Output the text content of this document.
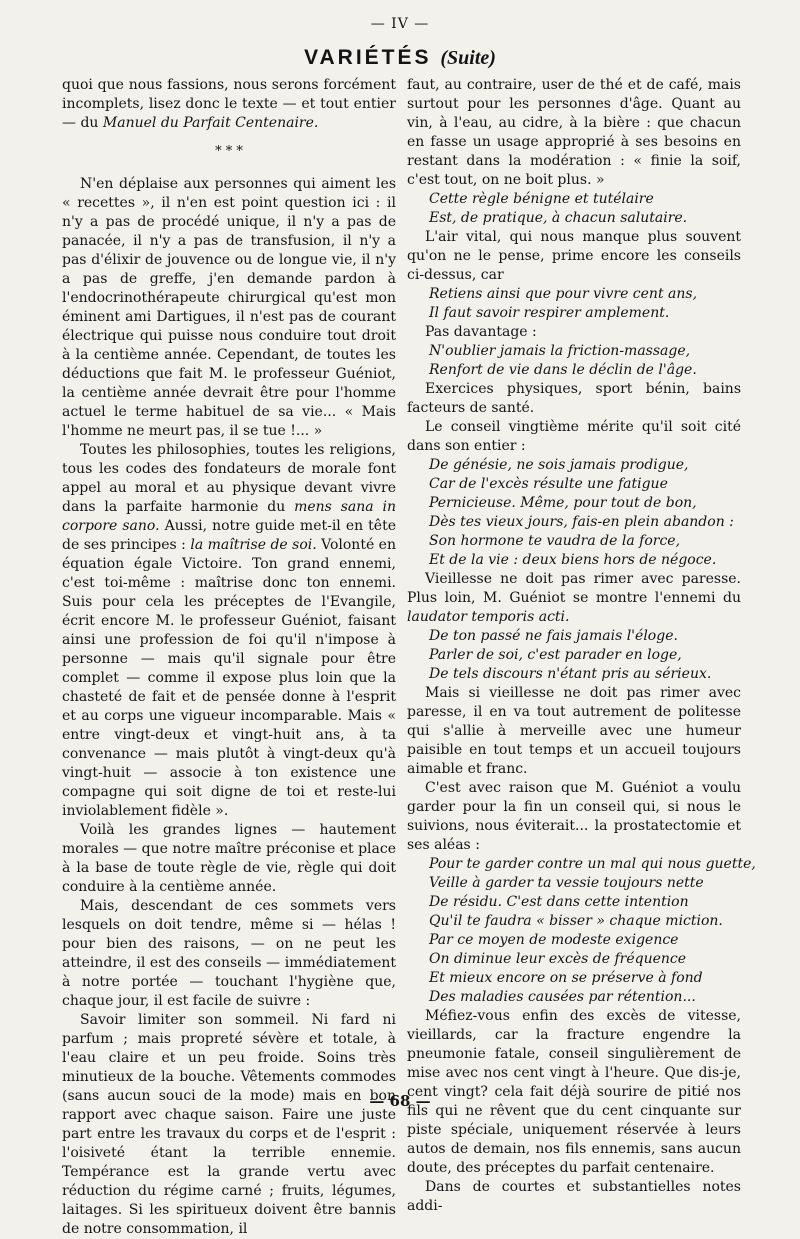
— IV —
VARIÉTÉS (Suite)

quoi que nous fassions, nous serons forcément incomplets, lisez donc le texte — et tout entier — du Manuel du Parfait Centenaire.

* * *

N'en déplaise aux personnes qui aiment les « recettes », il n'en est point question ici : il n'y a pas de procédé unique, il n'y a pas de panacée, il n'y a pas de transfusion, il n'y a pas d'élixir de jouvence ou de longue vie, il n'y a pas de greffe, j'en demande pardon à l'endocrinothérapeute chirurgical qu'est mon éminent ami Dartigues, il n'est pas de courant électrique qui puisse nous conduire tout droit à la centième année. Cependant, de toutes les déductions que fait M. le professeur Guéniot, la centième année devrait être pour l'homme actuel le terme habituel de sa vie... « Mais l'homme ne meurt pas, il se tue !... »

Toutes les philosophies, toutes les religions, tous les codes des fondateurs de morale font appel au moral et au physique devant vivre dans la parfaite harmonie du mens sana in corpore sano. Aussi, notre guide met-il en tête de ses principes : la maîtrise de soi. Volonté en équation égale Victoire. Ton grand ennemi, c'est toi-même : maîtrise donc ton ennemi. Suis pour cela les préceptes de l'Evangile, écrit encore M. le professeur Guéniot, faisant ainsi une profession de foi qu'il n'impose à personne — mais qu'il signale pour être complet — comme il expose plus loin que la chasteté de fait et de pensée donne à l'esprit et au corps une vigueur incomparable. Mais « entre vingt-deux et vingt-huit ans, à ta convenance — mais plutôt à vingt-deux qu'à vingt-huit — associe à ton existence une compagne qui soit digne de toi et reste-lui inviolablement fidèle ».

Voilà les grandes lignes — hautement morales — que notre maître préconise et place à la base de toute règle de vie, règle qui doit conduire à la centième année.

Mais, descendant de ces sommets vers lesquels on doit tendre, même si — hélas ! pour bien des raisons, — on ne peut les atteindre, il est des conseils — immédiatement à notre portée — touchant l'hygiène que, chaque jour, il est facile de suivre :

Savoir limiter son sommeil. Ni fard ni parfum ; mais propreté sévère et totale, à l'eau claire et un peu froide. Soins très minutieux de la bouche. Vêtements commodes (sans aucun souci de la mode) mais en bon rapport avec chaque saison. Faire une juste part entre les travaux du corps et de l'esprit : l'oisiveté étant la terrible ennemie. Tempérance est la grande vertu avec réduction du régime carné ; fruits, légumes, laitages. Si les spiritueux doivent être bannis de notre consommation, il

faut, au contraire, user de thé et de café, mais surtout pour les personnes d'âge. Quant au vin, à l'eau, au cidre, à la bière : que chacun en fasse un usage approprié à ses besoins en restant dans la modération : « finie la soif, c'est tout, on ne boit plus. »

Cette règle bénigne et tutélaire
Est, de pratique, à chacun salutaire.

L'air vital, qui nous manque plus souvent qu'on ne le pense, prime encore les conseils ci-dessus, car

Retiens ainsi que pour vivre cent ans,
Il faut savoir respirer amplement.

Pas davantage :

N'oublier jamais la friction-massage,
Renfort de vie dans le déclin de l'âge.

Exercices physiques, sport bénin, bains facteurs de santé.

Le conseil vingtième mérite qu'il soit cité dans son entier :

De génésie, ne sois jamais prodigue,
Car de l'excès résulte une fatigue
Pernicieuse. Même, pour tout de bon,
Dès tes vieux jours, fais-en plein abandon :
Son hormone te vaudra de la force,
Et de la vie : deux biens hors de négoce.

Vieillesse ne doit pas rimer avec paresse. Plus loin, M. Guéniot se montre l'ennemi du laudator temporis acti.

De ton passé ne fais jamais l'éloge.
Parler de soi, c'est parader en loge,
De tels discours n'étant pris au sérieux.

Mais si vieillesse ne doit pas rimer avec paresse, il en va tout autrement de politesse qui s'allie à merveille avec une humeur paisible en tout temps et un accueil toujours aimable et franc.

C'est avec raison que M. Guéniot a voulu garder pour la fin un conseil qui, si nous le suivions, nous éviterait... la prostatectomie et ses aléas :

Pour te garder contre un mal qui nous guette,
Veille à garder ta vessie toujours nette
De résidu. C'est dans cette intention
Qu'il te faudra « bisser » chaque miction.
Par ce moyen de modeste exigence
On diminue leur excès de fréquence
Et mieux encore on se préserve à fond
Des maladies causées par rétention...

Méfiez-vous enfin des excès de vitesse, vieillards, car la fracture engendre la pneumonie fatale, conseil singulièrement de mise avec nos cent vingt à l'heure. Que dis-je, cent vingt? cela fait déjà sourire de pitié nos fils qui ne rêvent que du cent cinquante sur piste spéciale, uniquement réservée à leurs autos de demain, nos fils ennemis, sans aucun doute, des préceptes du parfait centenaire.

Dans de courtes et substantielles notes addi-

— 68 —
